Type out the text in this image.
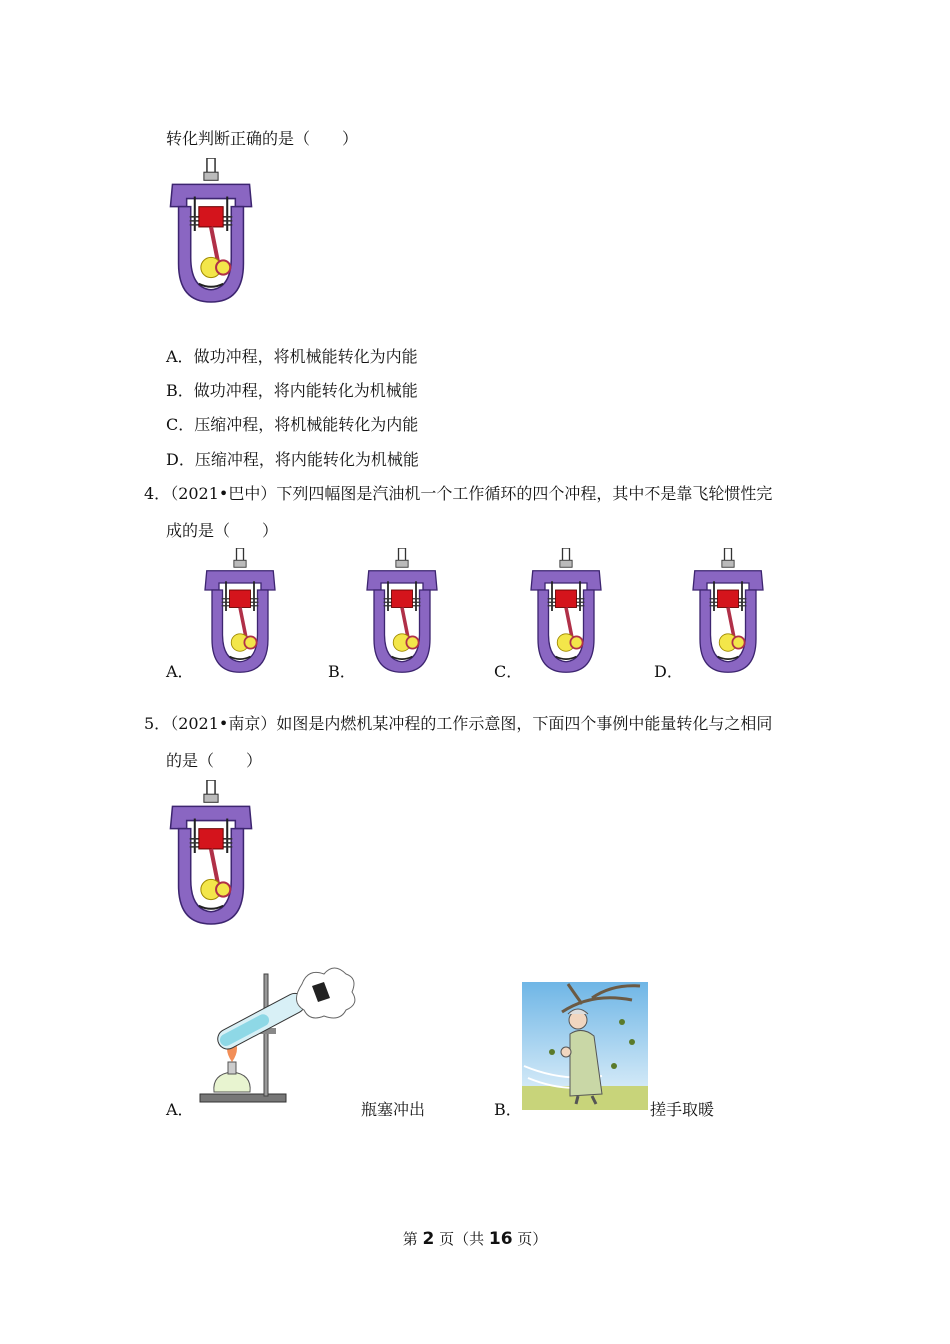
转化判断正确的是（　　）
A．做功冲程，将机械能转化为内能
B．做功冲程，将内能转化为机械能
C．压缩冲程，将机械能转化为内能
D．压缩冲程，将内能转化为机械能
4．（2021•巴中）下列四幅图是汽油机一个工作循环的四个冲程，其中不是靠飞轮惯性完
成的是（　　）
A．	B．	C．	D．
5．（2021•南京）如图是内燃机某冲程的工作示意图，下面四个事例中能量转化与之相同
的是（　　）
A．	瓶塞冲出	B．	搓手取暖
第 2 页（共 16 页）
